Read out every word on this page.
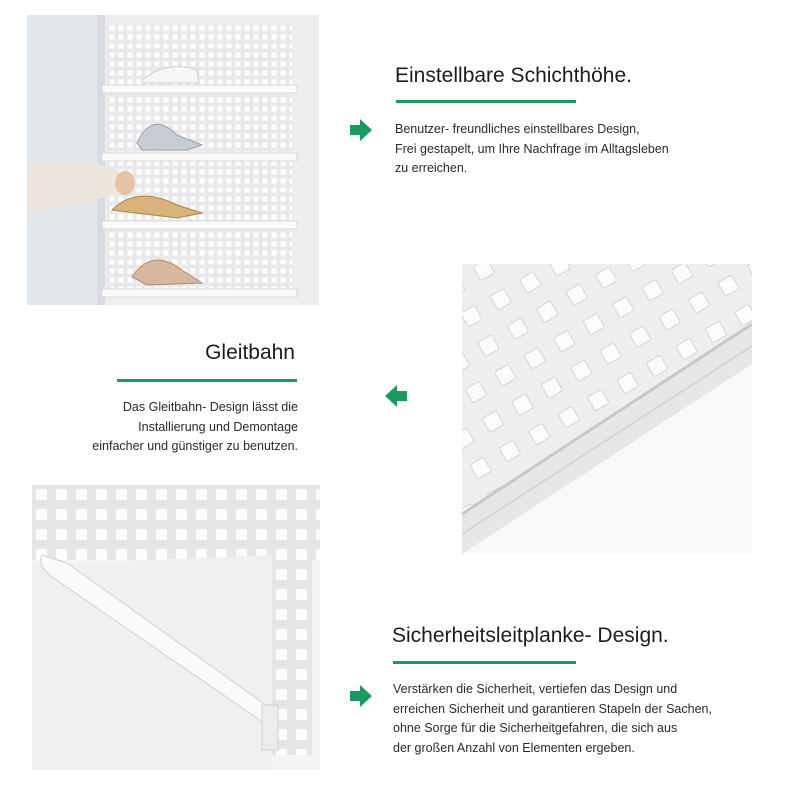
Einstellbare Schichthöhe.

Benutzer- freundliches einstellbares Design,
Frei gestapelt, um Ihre Nachfrage im Alltagsleben
zu erreichen.

Gleitbahn

Das Gleitbahn- Design lässt die
Installierung und Demontage
einfacher und günstiger zu benutzen.

Sicherheitsleitplanke- Design.

Verstärken die Sicherheit, vertiefen das Design und
erreichen Sicherheit und garantieren Stapeln der Sachen,
ohne Sorge für die Sicherheitgefahren, die sich aus
der großen Anzahl von Elementen ergeben.
